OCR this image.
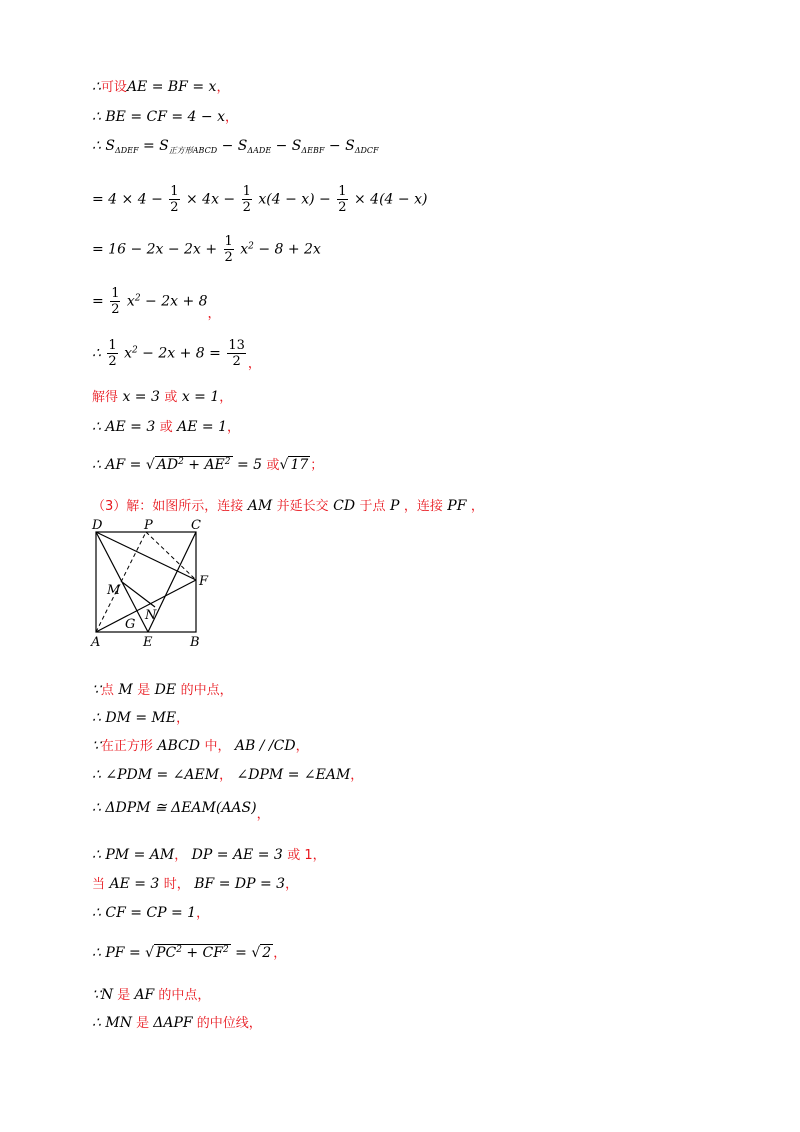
∴可设AE = BF = x，
∴ BE = CF = 4 − x，
∴ $S_{\Delta DEF} = S_{正方形ABCD} - S_{\Delta ADE} - S_{\Delta EBF} - S_{\Delta DCF}$
= $4 \times 4 - \frac{1}{2} \times 4x - \frac{1}{2} x(4 - x) - \frac{1}{2} \times 4(4 - x)$
= $16 - 2x - 2x + \frac{1}{2} x^2 - 8 + 2x$
= $\frac{1}{2} x^2 - 2x + 8$，
∴ $\frac{1}{2} x^2 - 2x + 8 = \frac{13}{2}$ ，
解得 x = 3 或 x = 1，
∴ AE = 3 或 AE = 1，
∴ AF = √ $AD^2 + AE^2 = 5$ 或√ 17 ；
（3）解：如图所示，连接 AM 并延长交 CD 于点 P ，连接 PF ，
D	P	C
F
M
N
G
A	E	B
∵点 M 是 DE 的中点，
∴ DM = ME，
∵在正方形 ABCD 中， AB / /CD，
∴ ∠PDM = ∠AEM， ∠DPM = ∠EAM，
∴ ΔDPM ≅ ΔEAM(AAS)，
∴ PM = AM， DP = AE = 3 或 1，
当 AE = 3 时， BF = DP = 3，
∴ CF = CP = 1，
∴ PF = √ $PC^2 + CF^2$ = √ 2 ，
∵N 是 AF 的中点，
∴ MN 是 ΔAPF 的中位线，
